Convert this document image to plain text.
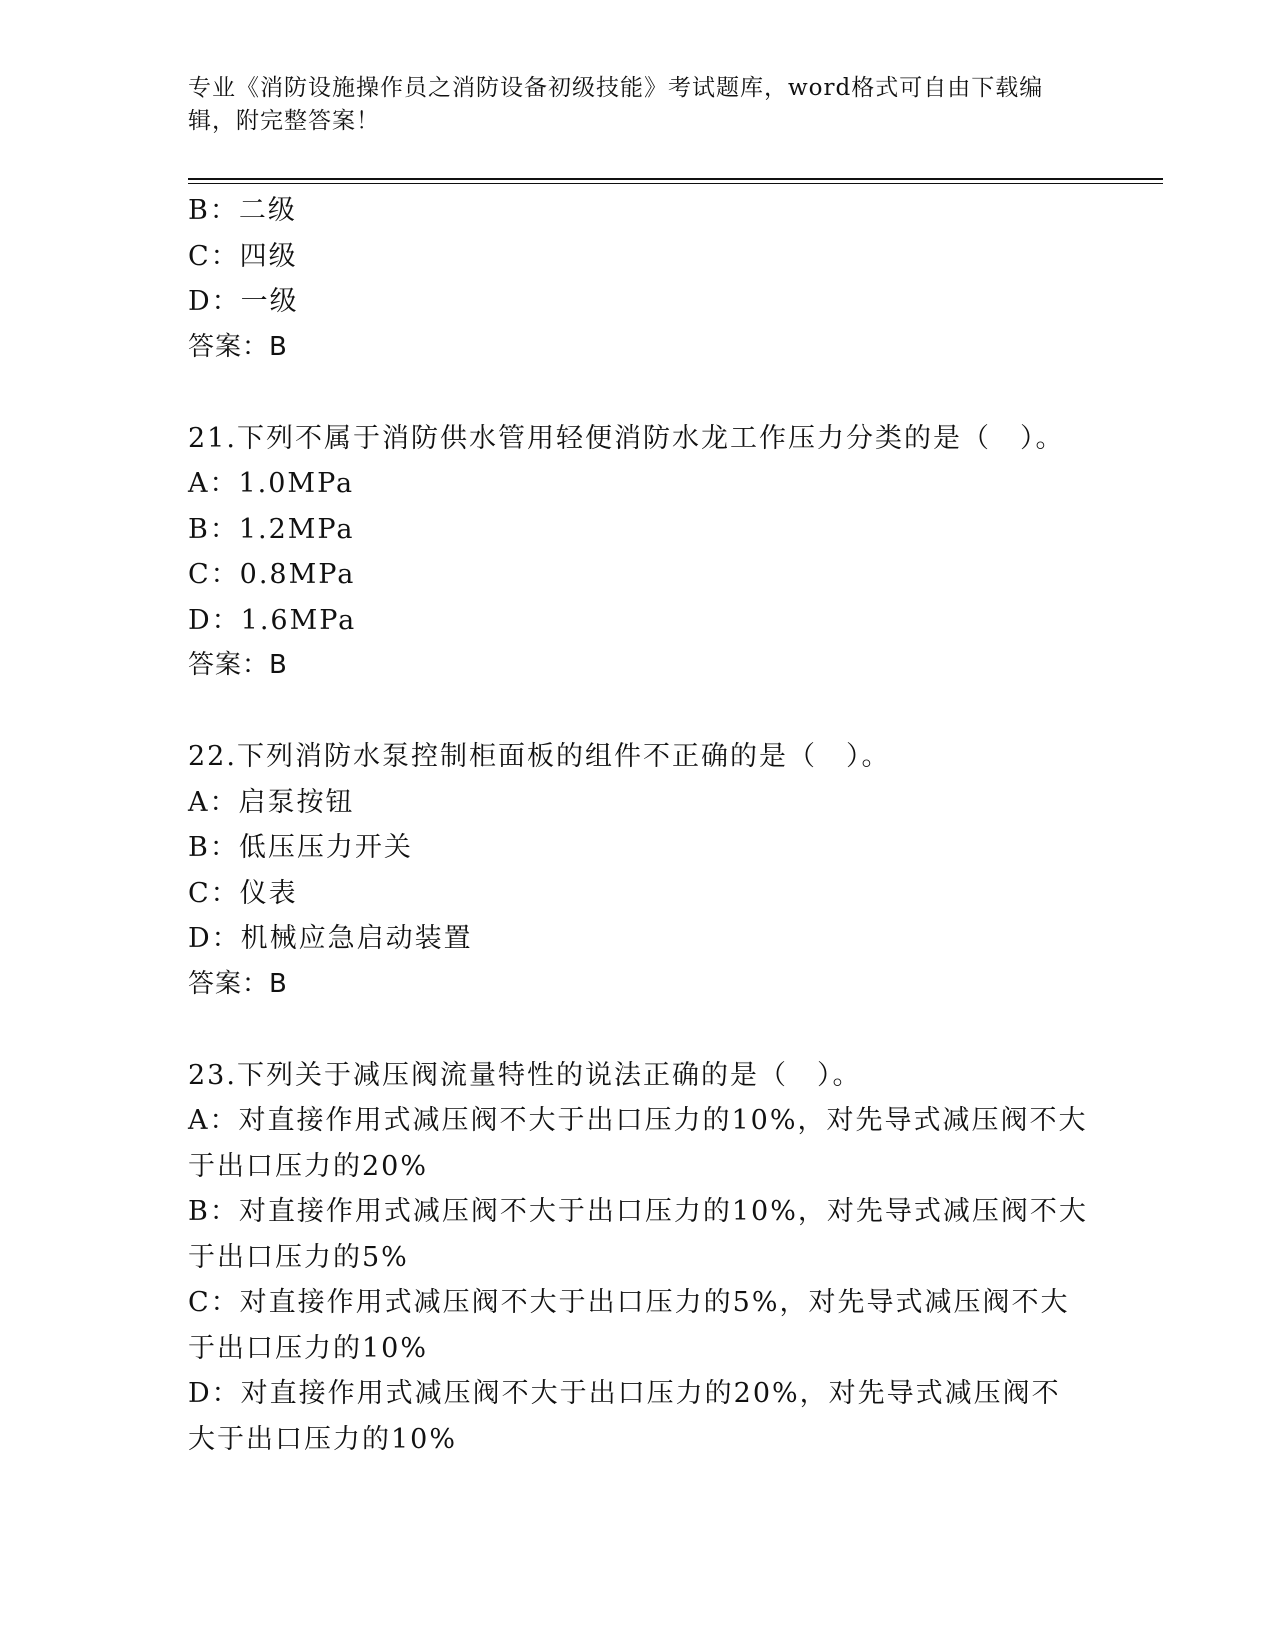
专业《消防设施操作员之消防设备初级技能》考试题库，word格式可自由下载编辑，附完整答案！

B：二级

C：四级

D：一级

答案：B

21.下列不属于消防供水管用轻便消防水龙工作压力分类的是（　）。

A：1.0MPa

B：1.2MPa

C：0.8MPa

D：1.6MPa

答案：B

22.下列消防水泵控制柜面板的组件不正确的是（　）。

A：启泵按钮

B：低压压力开关

C：仪表

D：机械应急启动装置

答案：B

23.下列关于减压阀流量特性的说法正确的是（　）。

A：对直接作用式减压阀不大于出口压力的10%，对先导式减压阀不大于出口压力的20%

B：对直接作用式减压阀不大于出口压力的10%，对先导式减压阀不大于出口压力的5%

C：对直接作用式减压阀不大于出口压力的5%，对先导式减压阀不大于出口压力的10%

D：对直接作用式减压阀不大于出口压力的20%，对先导式减压阀不大于出口压力的10%
